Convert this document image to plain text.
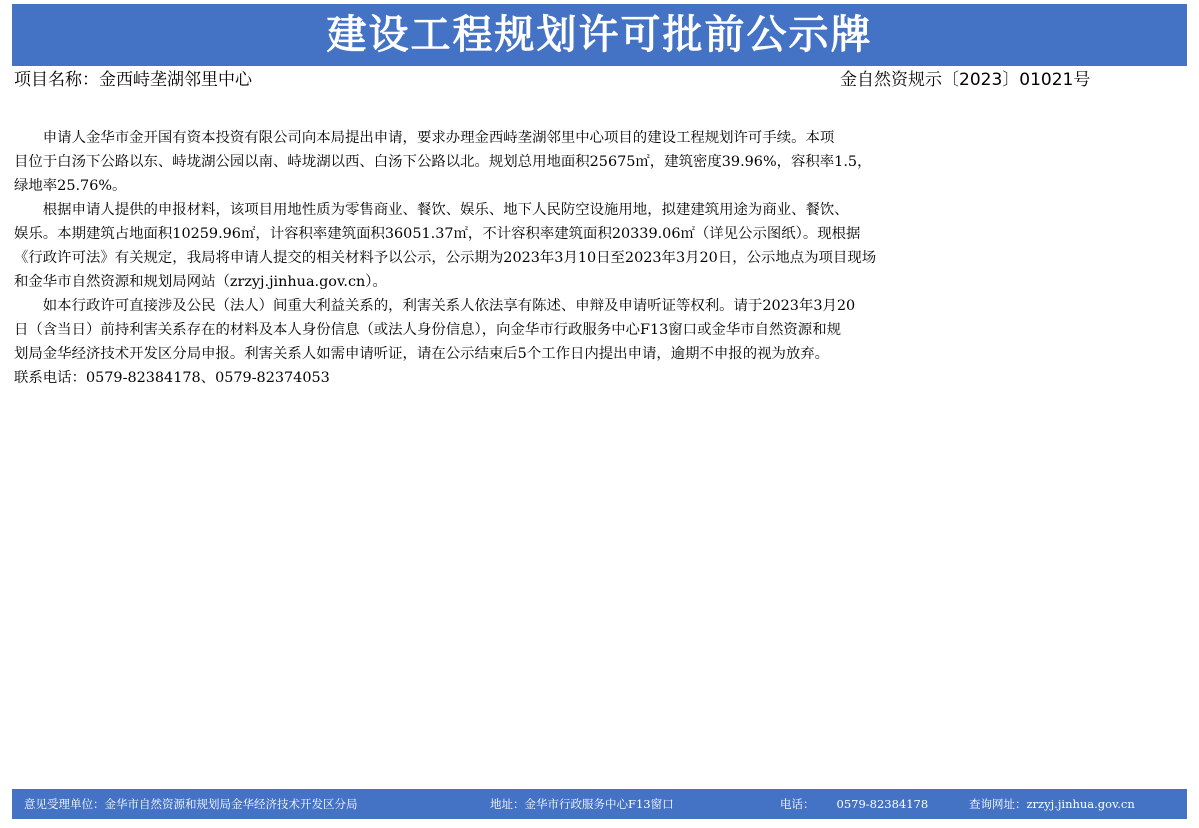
建设工程规划许可批前公示牌
项目名称：金西峙垄湖邻里中心	金自然资规示〔2023〕01021号
　　申请人金华市金开国有资本投资有限公司向本局提出申请，要求办理金西峙垄湖邻里中心项目的建设工程规划许可手续。本项
目位于白汤下公路以东、峙垅湖公园以南、峙垅湖以西、白汤下公路以北。规划总用地面积25675㎡，建筑密度39.96%，容积率1.5，
绿地率25.76%。
　　根据申请人提供的申报材料，该项目用地性质为零售商业、餐饮、娱乐、地下人民防空设施用地，拟建建筑用途为商业、餐饮、
娱乐。本期建筑占地面积10259.96㎡，计容积率建筑面积36051.37㎡，不计容积率建筑面积20339.06㎡（详见公示图纸）。现根据
《行政许可法》有关规定，我局将申请人提交的相关材料予以公示，公示期为2023年3月10日至2023年3月20日，公示地点为项目现场
和金华市自然资源和规划局网站（zrzyj.jinhua.gov.cn）。
　　如本行政许可直接涉及公民（法人）间重大利益关系的，利害关系人依法享有陈述、申辩及申请听证等权利。请于2023年3月20
日（含当日）前持利害关系存在的材料及本人身份信息（或法人身份信息），向金华市行政服务中心F13窗口或金华市自然资源和规
划局金华经济技术开发区分局申报。利害关系人如需申请听证，请在公示结束后5个工作日内提出申请，逾期不申报的视为放弃。
联系电话：0579-82384178、0579-82374053
意见受理单位：金华市自然资源和规划局金华经济技术开发区分局	地址：金华市行政服务中心F13窗口	电话： 0579-82384178	查询网址：zrzyj.jinhua.gov.cn
